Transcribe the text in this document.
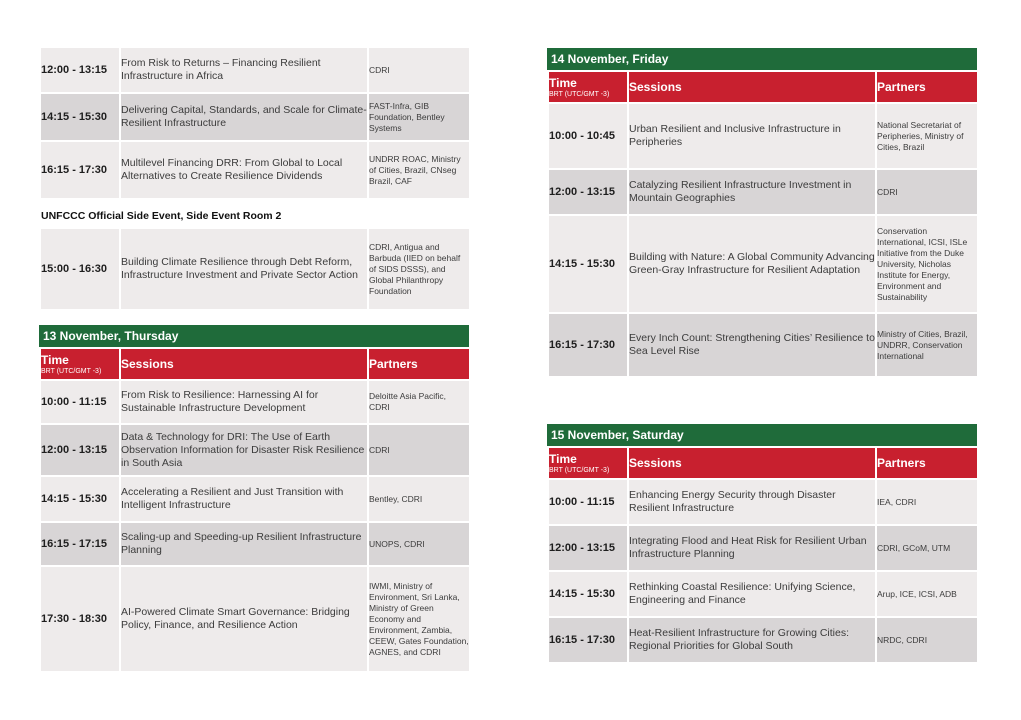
12:00 - 13:15	From Risk to Returns – Financing Resilient Infrastructure in Africa	CDRI
14:15 - 15:30	Delivering Capital, Standards, and Scale for Climate-Resilient Infrastructure	FAST-Infra, GIB Foundation, Bentley Systems
16:15 - 17:30	Multilevel Financing DRR: From Global to Local Alternatives to Create Resilience Dividends	UNDRR ROAC, Ministry of Cities, Brazil, CNseg Brazil, CAF
UNFCCC Official Side Event, Side Event Room 2
15:00 - 16:30	Building Climate Resilience through Debt Reform, Infrastructure Investment and Private Sector Action	CDRI, Antigua and Barbuda (IIED on behalf of SIDS DSSS), and Global Philanthropy Foundation
13 November, Thursday
Time
BRT (UTC/GMT -3)	Sessions	Partners
10:00 - 11:15	From Risk to Resilience: Harnessing AI for Sustainable Infrastructure Development	Deloitte Asia Pacific, CDRI
12:00 - 13:15	Data & Technology for DRI: The Use of Earth Observation Information for Disaster Risk Resilience in South Asia	CDRI
14:15 - 15:30	Accelerating a Resilient and Just Transition with Intelligent Infrastructure	Bentley, CDRI
16:15 - 17:15	Scaling-up and Speeding-up Resilient Infrastructure Planning	UNOPS, CDRI
17:30 - 18:30	AI-Powered Climate Smart Governance: Bridging Policy, Finance, and Resilience Action	IWMI, Ministry of Environment, Sri Lanka, Ministry of Green Economy and Environment, Zambia, CEEW, Gates Foundation, AGNES, and CDRI
14 November, Friday
Time
BRT (UTC/GMT -3)	Sessions	Partners
10:00 - 10:45	Urban Resilient and Inclusive Infrastructure in Peripheries	National Secretariat of Peripheries, Ministry of Cities, Brazil
12:00 - 13:15	Catalyzing Resilient Infrastructure Investment in Mountain Geographies	CDRI
14:15 - 15:30	Building with Nature: A Global Community Advancing Green-Gray Infrastructure for Resilient Adaptation	Conservation International, ICSI, ISLe Initiative from the Duke University, Nicholas Institute for Energy, Environment and Sustainability
16:15 - 17:30	Every Inch Count: Strengthening Cities’ Resilience to Sea Level Rise	Ministry of Cities, Brazil, UNDRR, Conservation International
15 November, Saturday
Time
BRT (UTC/GMT -3)	Sessions	Partners
10:00 - 11:15	Enhancing Energy Security through Disaster Resilient Infrastructure	IEA, CDRI
12:00 - 13:15	Integrating Flood and Heat Risk for Resilient Urban Infrastructure Planning	CDRI, GCoM, UTM
14:15 - 15:30	Rethinking Coastal Resilience: Unifying Science, Engineering and Finance	Arup, ICE, ICSI, ADB
16:15 - 17:30	Heat-Resilient Infrastructure for Growing Cities: Regional Priorities for Global South	NRDC, CDRI
